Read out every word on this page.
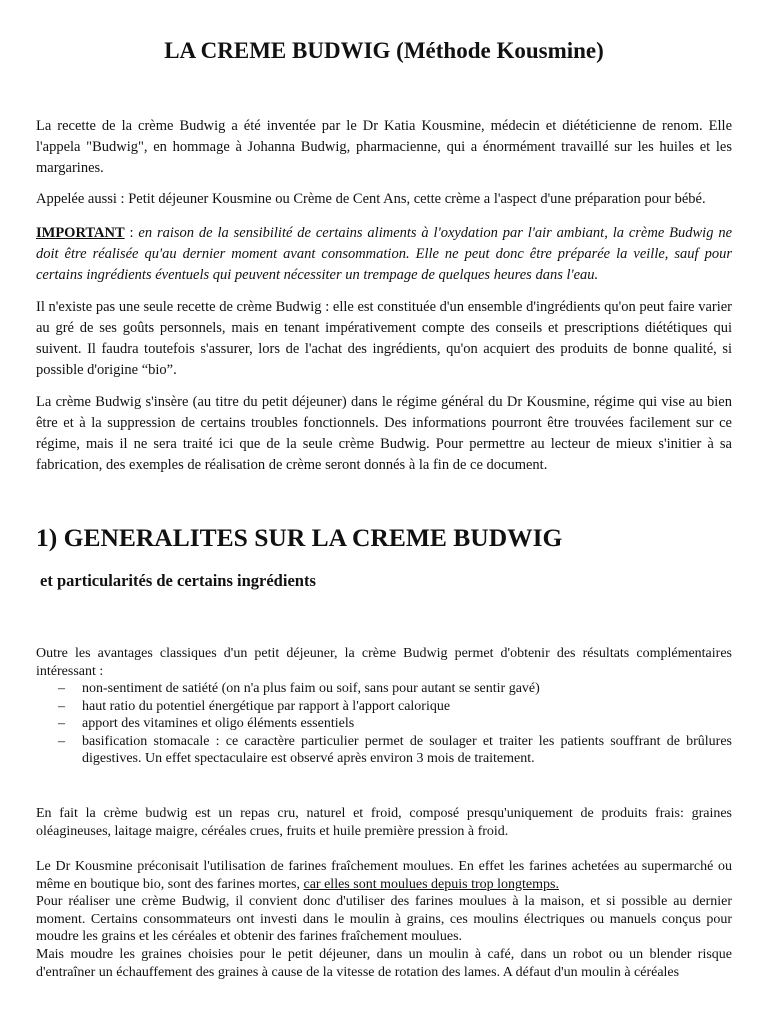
LA CREME BUDWIG (Méthode Kousmine)

La recette de la crème Budwig a été inventée par le Dr Katia Kousmine, médecin et diététicienne de renom. Elle l'appela "Budwig", en hommage à Johanna Budwig, pharmacienne, qui a énormément travaillé sur les huiles et les margarines.

Appelée aussi : Petit déjeuner Kousmine ou Crème de Cent Ans, cette crème a l'aspect d'une préparation pour bébé.

IMPORTANT : en raison de la sensibilité de certains aliments à l'oxydation par l'air ambiant, la crème Budwig ne doit être réalisée qu'au dernier moment avant consommation. Elle ne peut donc être préparée la veille, sauf pour certains ingrédients éventuels qui peuvent nécessiter un trempage de quelques heures dans l'eau.

Il n'existe pas une seule recette de crème Budwig : elle est constituée d'un ensemble d'ingrédients qu'on peut faire varier au gré de ses goûts personnels, mais en tenant impérativement compte des conseils et prescriptions diététiques qui suivent. Il faudra toutefois s'assurer, lors de l'achat des ingrédients, qu'on acquiert des produits de bonne qualité, si possible d'origine “bio”.

La crème Budwig s'insère (au titre du petit déjeuner) dans le régime général du Dr Kousmine, régime qui vise au bien être et à la suppression de certains troubles fonctionnels. Des informations pourront être trouvées facilement sur ce régime, mais il ne sera traité ici que de la seule crème Budwig. Pour permettre au lecteur de mieux s'initier à sa fabrication, des exemples de réalisation de crème seront donnés à la fin de ce document.

1) GENERALITES SUR LA CREME BUDWIG
et particularités de certains ingrédients

Outre les avantages classiques d'un petit déjeuner, la crème Budwig permet d'obtenir des résultats complémentaires intéressant :

– non-sentiment de satiété (on n'a plus faim ou soif, sans pour autant se sentir gavé)
– haut ratio du potentiel énergétique par rapport à l'apport calorique
– apport des vitamines et oligo éléments essentiels
– basification stomacale : ce caractère particulier permet de soulager et traiter les patients souffrant de brûlures digestives. Un effet spectaculaire est observé après environ 3 mois de traitement.

En fait la crème budwig est un repas cru, naturel et froid, composé presqu'uniquement de produits frais: graines oléagineuses, laitage maigre, céréales crues, fruits et huile première pression à froid.

Le Dr Kousmine préconisait l'utilisation de farines fraîchement moulues. En effet les farines achetées au supermarché ou même en boutique bio, sont des farines mortes, car elles sont moulues depuis trop longtemps.
Pour réaliser une crème Budwig, il convient donc d'utiliser des farines moulues à la maison, et si possible au dernier moment. Certains consommateurs ont investi dans le moulin à grains, ces moulins électriques ou manuels conçus pour moudre les grains et les céréales et obtenir des farines fraîchement moulues.
Mais moudre les graines choisies pour le petit déjeuner, dans un moulin à café, dans un robot ou un blender risque d'entraîner un échauffement des graines à cause de la vitesse de rotation des lames. A défaut d'un moulin à céréales
